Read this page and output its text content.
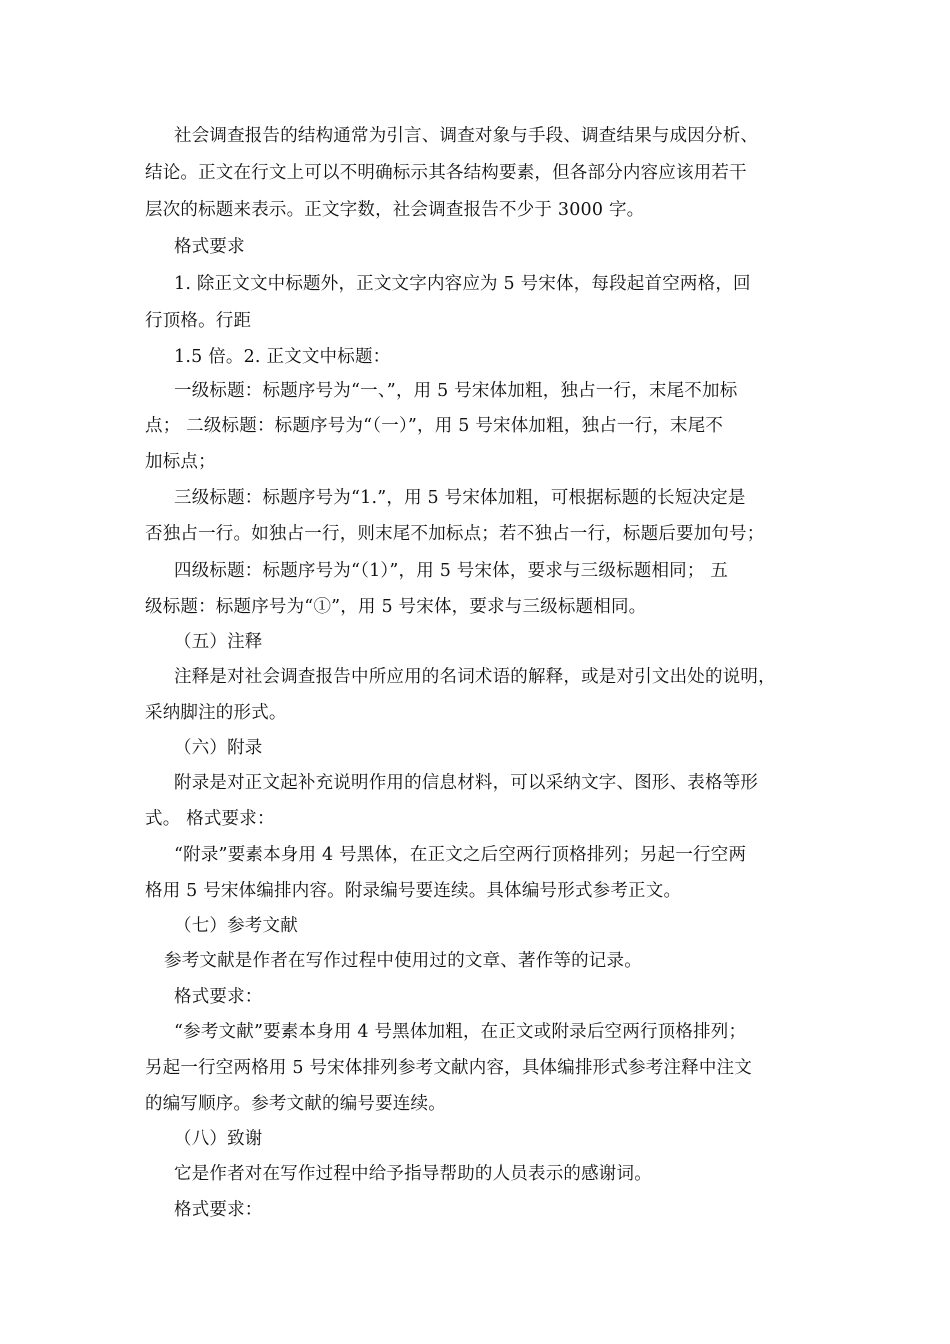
社会调查报告的结构通常为引言、调查对象与手段、调查结果与成因分析、
结论。正文在行文上可以不明确标示其各结构要素，但各部分内容应该用若干
层次的标题来表示。正文字数，社会调查报告不少于 3000 字。
格式要求
1. 除正文文中标题外，正文文字内容应为 5 号宋体，每段起首空两格，回
行顶格。行距
1.5 倍。2. 正文文中标题：
一级标题：标题序号为“一、”，用 5 号宋体加粗，独占一行，末尾不加标
点； 二级标题：标题序号为“（一）”，用 5 号宋体加粗，独占一行，末尾不
加标点；
三级标题：标题序号为“1.”，用 5 号宋体加粗，可根据标题的长短决定是
否独占一行。如独占一行，则末尾不加标点；若不独占一行，标题后要加句号；
四级标题：标题序号为“（1）”，用 5 号宋体，要求与三级标题相同； 五
级标题：标题序号为“①”，用 5 号宋体，要求与三级标题相同。
（五）注释
注释是对社会调查报告中所应用的名词术语的解释，或是对引文出处的说明，
采纳脚注的形式。
（六）附录
附录是对正文起补充说明作用的信息材料，可以采纳文字、图形、表格等形
式。 格式要求：
“附录”要素本身用 4 号黑体，在正文之后空两行顶格排列；另起一行空两
格用 5 号宋体编排内容。附录编号要连续。具体编号形式参考正文。
（七）参考文献
参考文献是作者在写作过程中使用过的文章、著作等的记录。
格式要求：
“参考文献”要素本身用 4 号黑体加粗，在正文或附录后空两行顶格排列；
另起一行空两格用 5 号宋体排列参考文献内容，具体编排形式参考注释中注文
的编写顺序。参考文献的编号要连续。
（八）致谢
它是作者对在写作过程中给予指导帮助的人员表示的感谢词。
格式要求：
